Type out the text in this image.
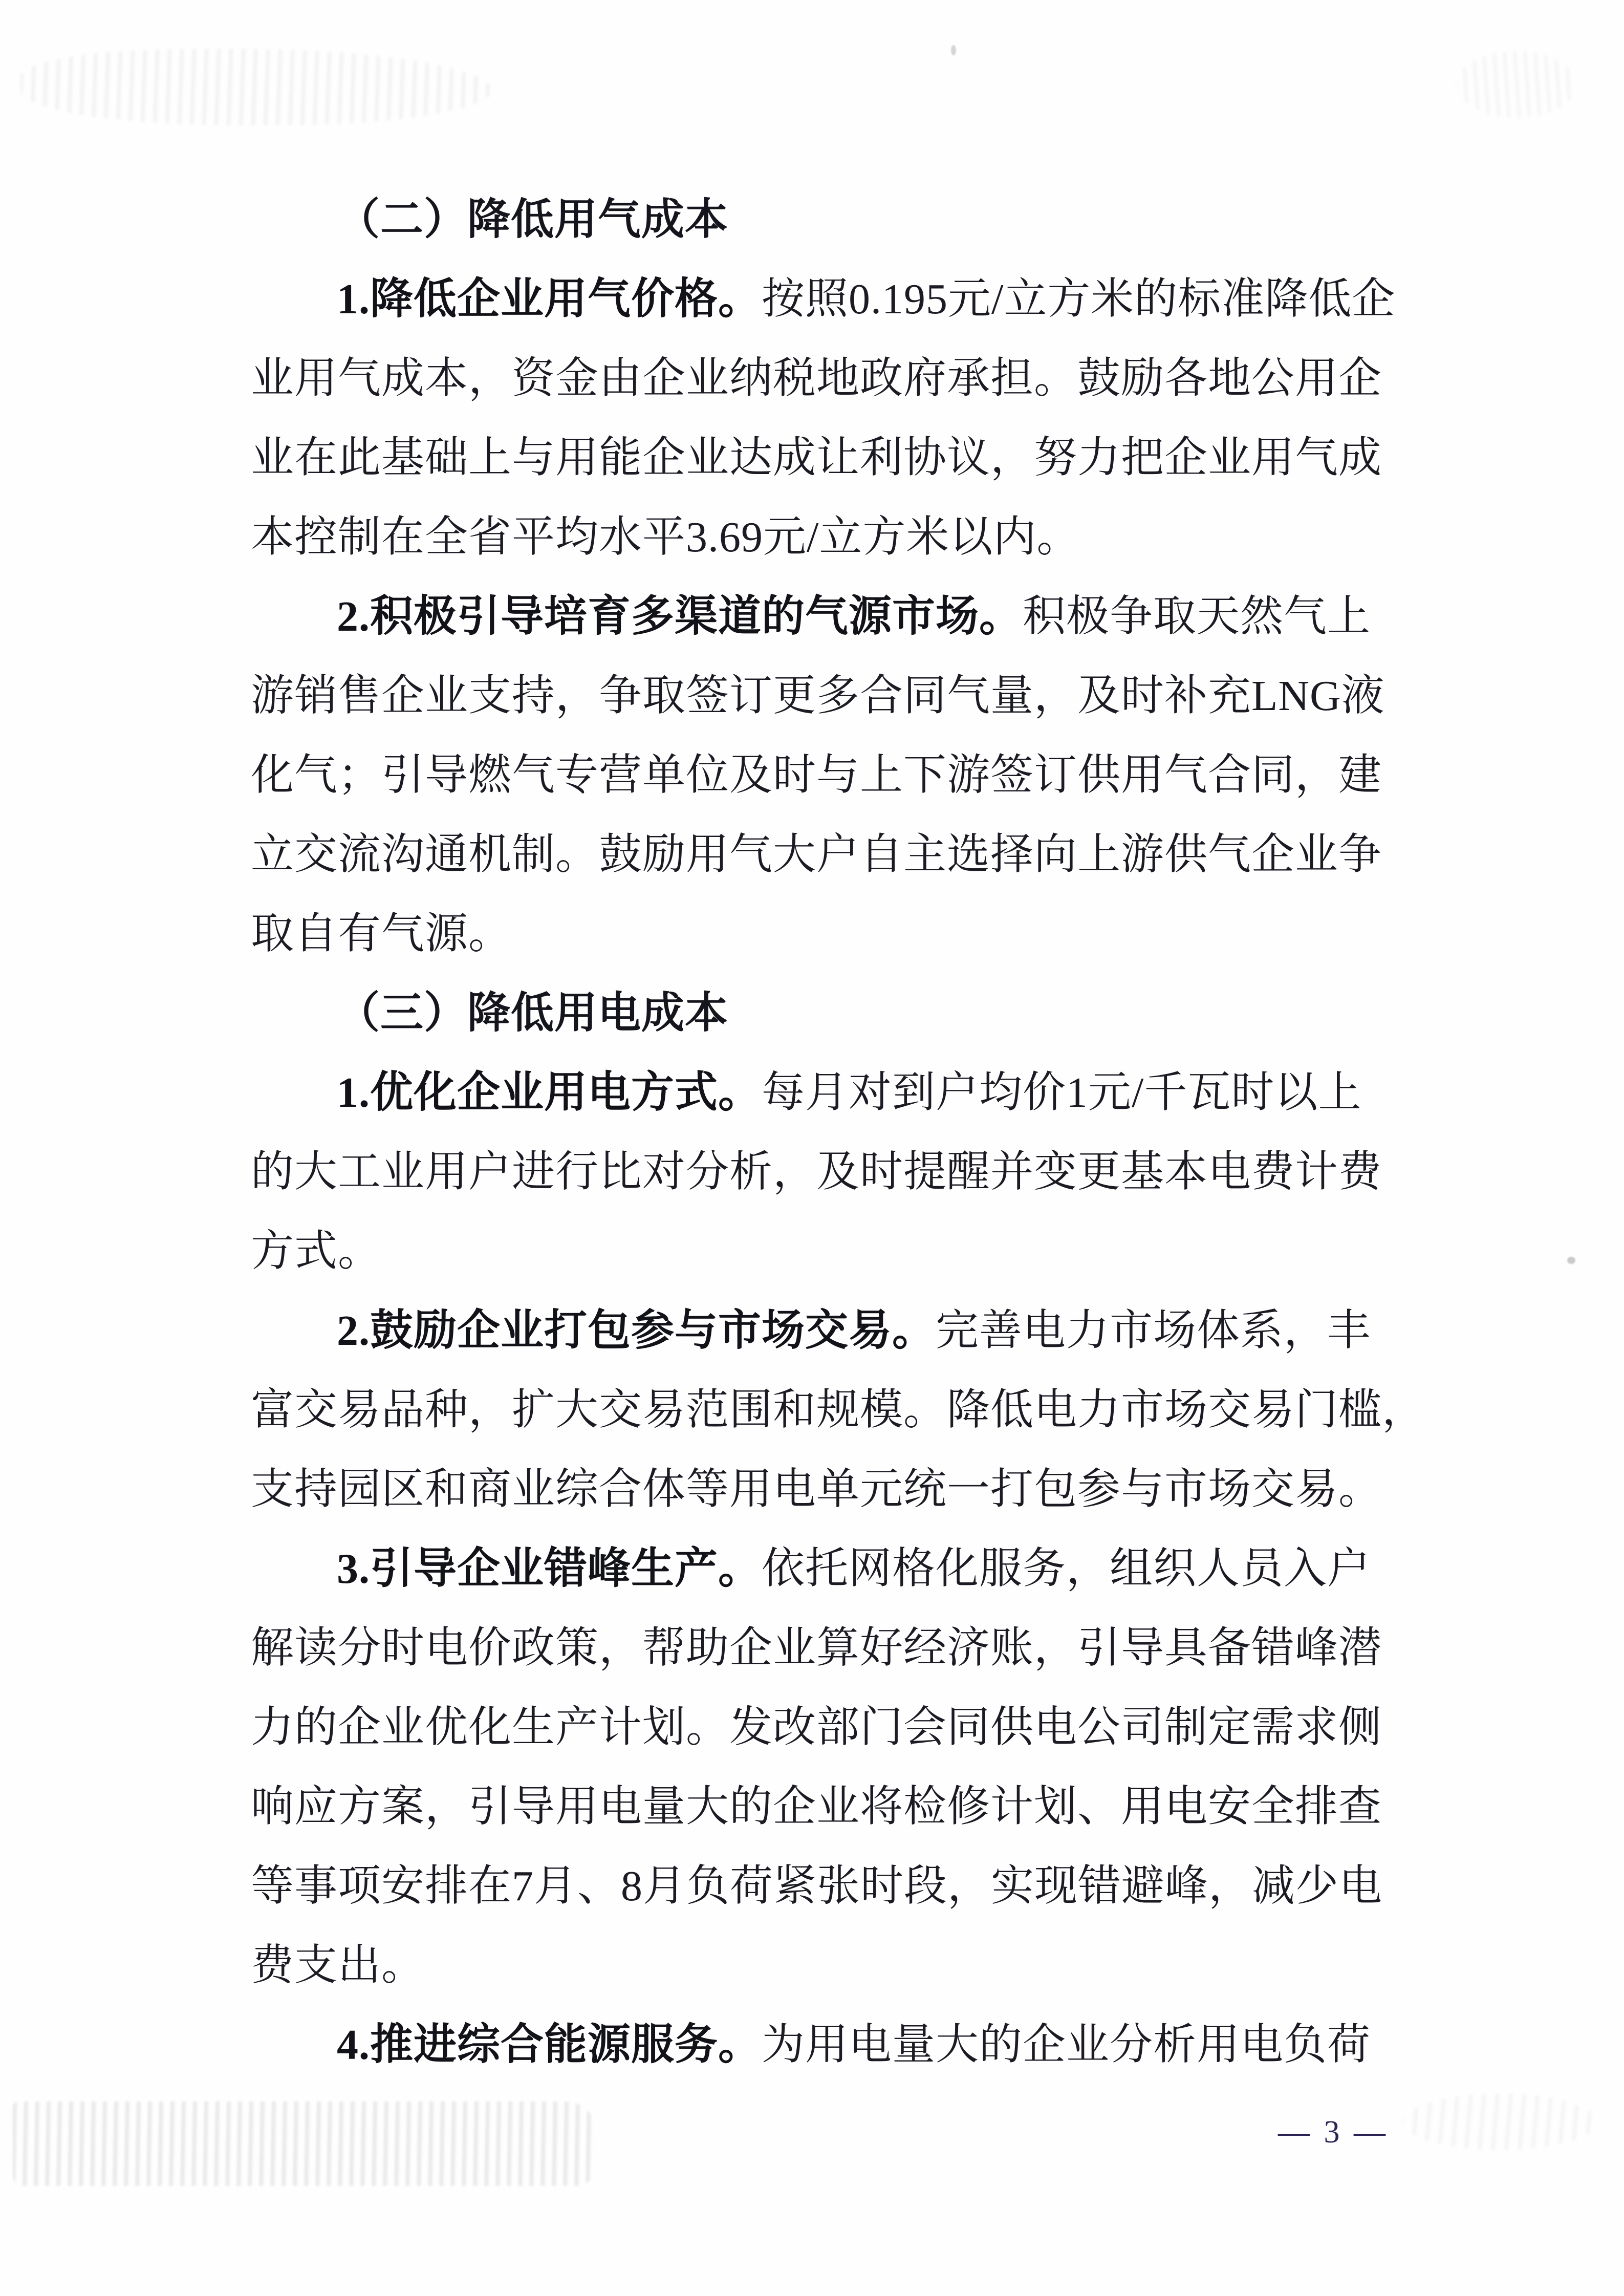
（二）降低用气成本
1.降低企业用气价格。按照0.195元/立方米的标准降低企
业用气成本，资金由企业纳税地政府承担。鼓励各地公用企
业在此基础上与用能企业达成让利协议，努力把企业用气成
本控制在全省平均水平3.69元/立方米以内。
2.积极引导培育多渠道的气源市场。积极争取天然气上
游销售企业支持，争取签订更多合同气量，及时补充LNG液
化气；引导燃气专营单位及时与上下游签订供用气合同，建
立交流沟通机制。鼓励用气大户自主选择向上游供气企业争
取自有气源。
（三）降低用电成本
1.优化企业用电方式。每月对到户均价1元/千瓦时以上
的大工业用户进行比对分析，及时提醒并变更基本电费计费
方式。
2.鼓励企业打包参与市场交易。完善电力市场体系，丰
富交易品种，扩大交易范围和规模。降低电力市场交易门槛，
支持园区和商业综合体等用电单元统一打包参与市场交易。
3.引导企业错峰生产。依托网格化服务，组织人员入户
解读分时电价政策，帮助企业算好经济账，引导具备错峰潜
力的企业优化生产计划。发改部门会同供电公司制定需求侧
响应方案，引导用电量大的企业将检修计划、用电安全排查
等事项安排在7月、8月负荷紧张时段，实现错避峰，减少电
费支出。
4.推进综合能源服务。为用电量大的企业分析用电负荷
— 3 —
